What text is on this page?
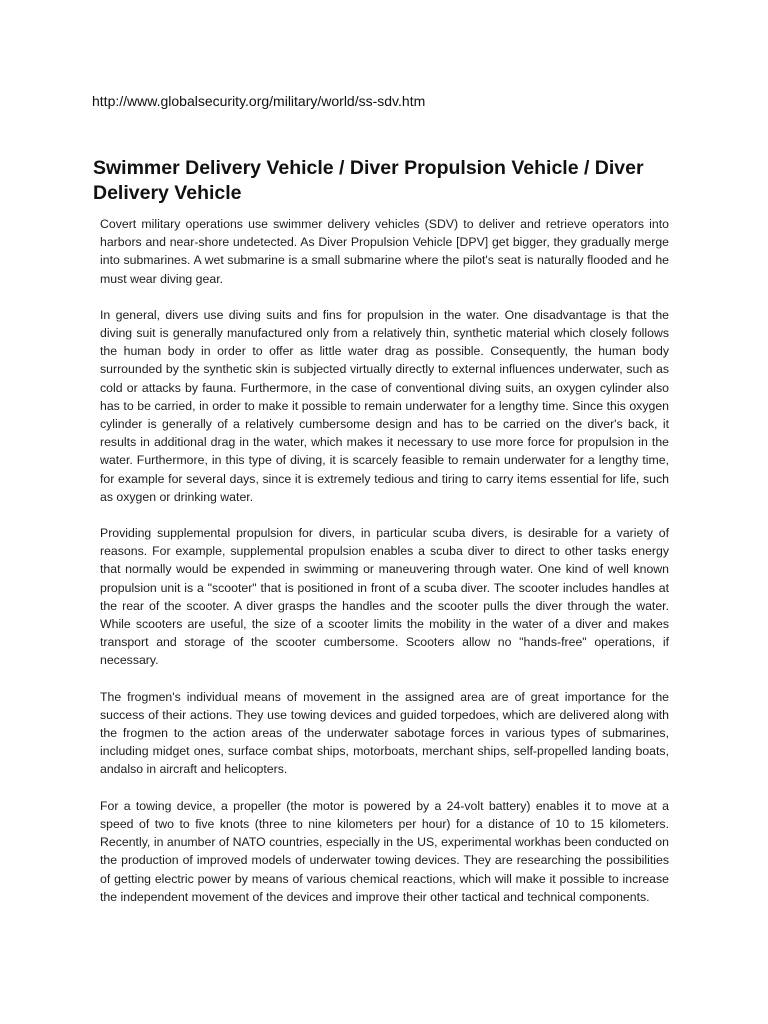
http://www.globalsecurity.org/military/world/ss-sdv.htm
Swimmer Delivery Vehicle / Diver Propulsion Vehicle / Diver Delivery Vehicle

Covert military operations use swimmer delivery vehicles (SDV) to deliver and retrieve operators into harbors and near-shore undetected. As Diver Propulsion Vehicle [DPV] get bigger, they gradually merge into submarines. A wet submarine is a small submarine where the pilot's seat is naturally flooded and he must wear diving gear.

In general, divers use diving suits and fins for propulsion in the water. One disadvantage is that the diving suit is generally manufactured only from a relatively thin, synthetic material which closely follows the human body in order to offer as little water drag as possible. Consequently, the human body surrounded by the synthetic skin is subjected virtually directly to external influences underwater, such as cold or attacks by fauna. Furthermore, in the case of conventional diving suits, an oxygen cylinder also has to be carried, in order to make it possible to remain underwater for a lengthy time. Since this oxygen cylinder is generally of a relatively cumbersome design and has to be carried on the diver's back, it results in additional drag in the water, which makes it necessary to use more force for propulsion in the water. Furthermore, in this type of diving, it is scarcely feasible to remain underwater for a lengthy time, for example for several days, since it is extremely tedious and tiring to carry items essential for life, such as oxygen or drinking water.

Providing supplemental propulsion for divers, in particular scuba divers, is desirable for a variety of reasons. For example, supplemental propulsion enables a scuba diver to direct to other tasks energy that normally would be expended in swimming or maneuvering through water. One kind of well known propulsion unit is a "scooter" that is positioned in front of a scuba diver. The scooter includes handles at the rear of the scooter. A diver grasps the handles and the scooter pulls the diver through the water. While scooters are useful, the size of a scooter limits the mobility in the water of a diver and makes transport and storage of the scooter cumbersome. Scooters allow no "hands-free" operations, if necessary.

The frogmen's individual means of movement in the assigned area are of great importance for the success of their actions. They use towing devices and guided torpedoes, which are delivered along with the frogmen to the action areas of the underwater sabotage forces in various types of submarines, including midget ones, surface combat ships, motorboats, merchant ships, self-propelled landing boats, andalso in aircraft and helicopters.

For a towing device, a propeller (the motor is powered by a 24-volt battery) enables it to move at a speed of two to five knots (three to nine kilometers per hour) for a distance of 10 to 15 kilometers. Recently, in anumber of NATO countries, especially in the US, experimental workhas been conducted on the production of improved models of underwater towing devices. They are researching the possibilities of getting electric power by means of various chemical reactions, which will make it possible to increase the independent movement of the devices and improve their other tactical and technical components.
